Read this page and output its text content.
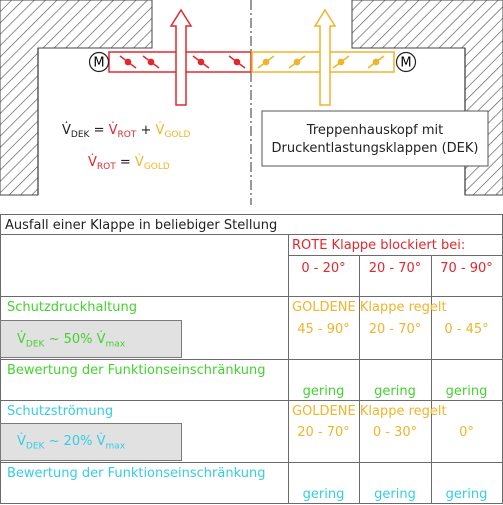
M	M
$V̇_{DEK}$ = $V̇_{ROT}$ + $V̇_{GOLD}$
$V̇_{ROT}$ = $V̇_{GOLD}$
Treppenhauskopf mit
Druckentlastungsklappen (DEK)
Ausfall einer Klappe in beliebiger Stellung
ROTE Klappe blockiert bei:
0 - 20°	20 - 70°	70 - 90°
Schutzdruckhaltung
$V̇_{DEK}$ ~ 50% $V̇_{max}$
GOLDENE Klappe regelt
45 - 90°	20 - 70°	0 - 45°
Bewertung der Funktionseinschränkung
gering	gering	gering
Schutzströmung
$V̇_{DEK}$ ~ 20% $V̇_{max}$
GOLDENE Klappe regelt
20 - 70°	0 - 30°	0°
Bewertung der Funktionseinschränkung
gering	gering	gering
